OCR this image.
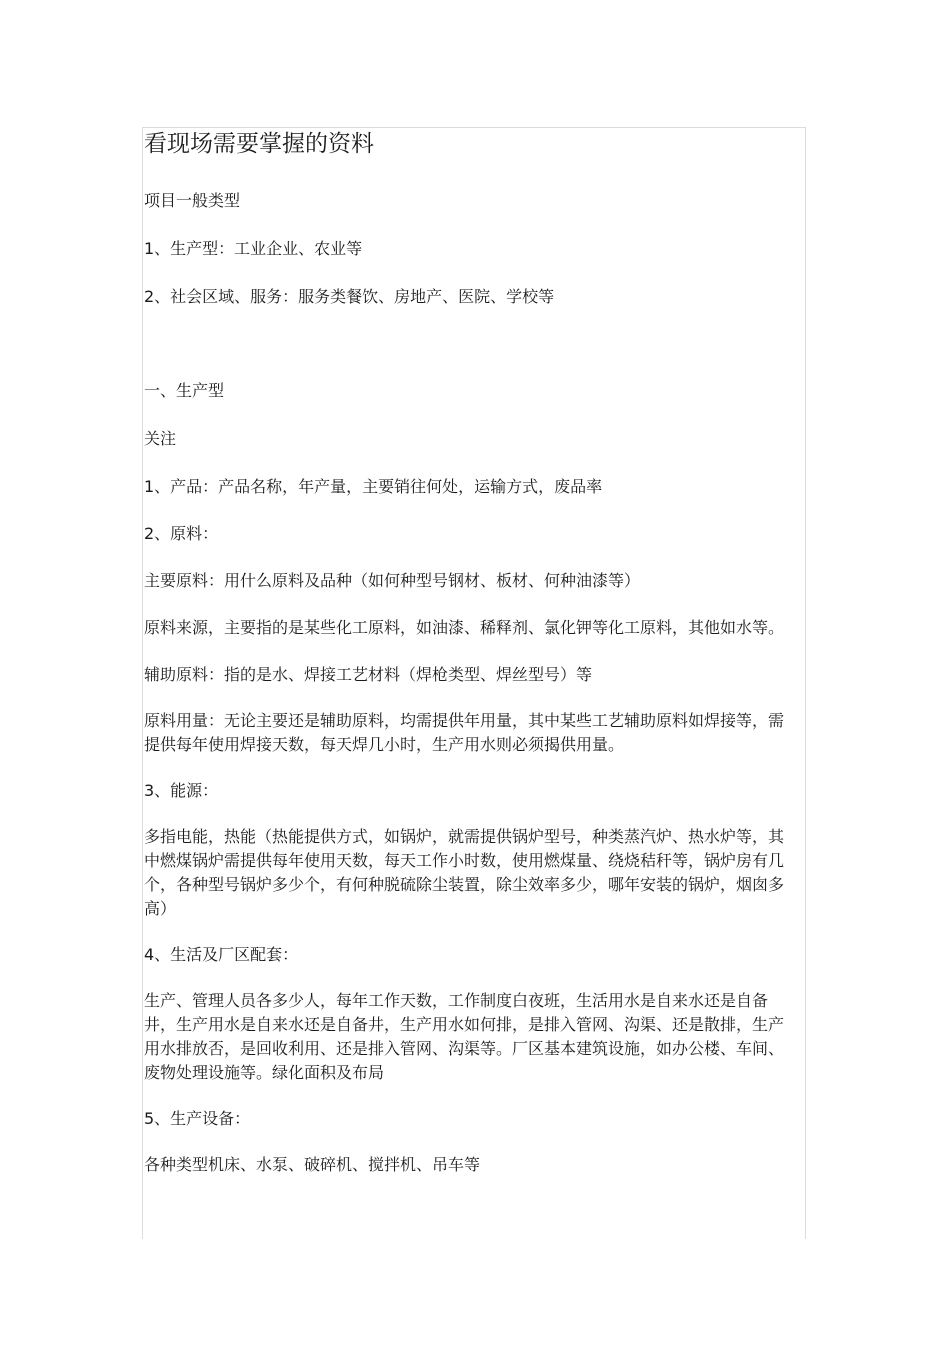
看现场需要掌握的资料

项目一般类型

1、生产型：工业企业、农业等

2、社会区域、服务：服务类餐饮、房地产、医院、学校等

一、生产型

关注

1、产品：产品名称，年产量，主要销往何处，运输方式，废品率

2、原料：

主要原料：用什么原料及品种（如何种型号钢材、板材、何种油漆等）

原料来源，主要指的是某些化工原料，如油漆、稀释剂、氯化钾等化工原料，其他如水等。

辅助原料：指的是水、焊接工艺材料（焊枪类型、焊丝型号）等

原料用量：无论主要还是辅助原料，均需提供年用量，其中某些工艺辅助原料如焊接等，需提供每年使用焊接天数，每天焊几小时，生产用水则必须揭供用量。

3、能源：

多指电能，热能（热能提供方式，如锅炉，就需提供锅炉型号，种类蒸汽炉、热水炉等，其中燃煤锅炉需提供每年使用天数，每天工作小时数，使用燃煤量、绕烧秸秆等，锅炉房有几个，各种型号锅炉多少个，有何种脱硫除尘装置，除尘效率多少，哪年安装的锅炉，烟囱多高）

4、生活及厂区配套：

生产、管理人员各多少人，每年工作天数，工作制度白夜班，生活用水是自来水还是自备井，生产用水是自来水还是自备井，生产用水如何排，是排入管网、沟渠、还是散排，生产用水排放否，是回收利用、还是排入管网、沟渠等。厂区基本建筑设施，如办公楼、车间、废物处理设施等。绿化面积及布局

5、生产设备：

各种类型机床、水泵、破碎机、搅拌机、吊车等
